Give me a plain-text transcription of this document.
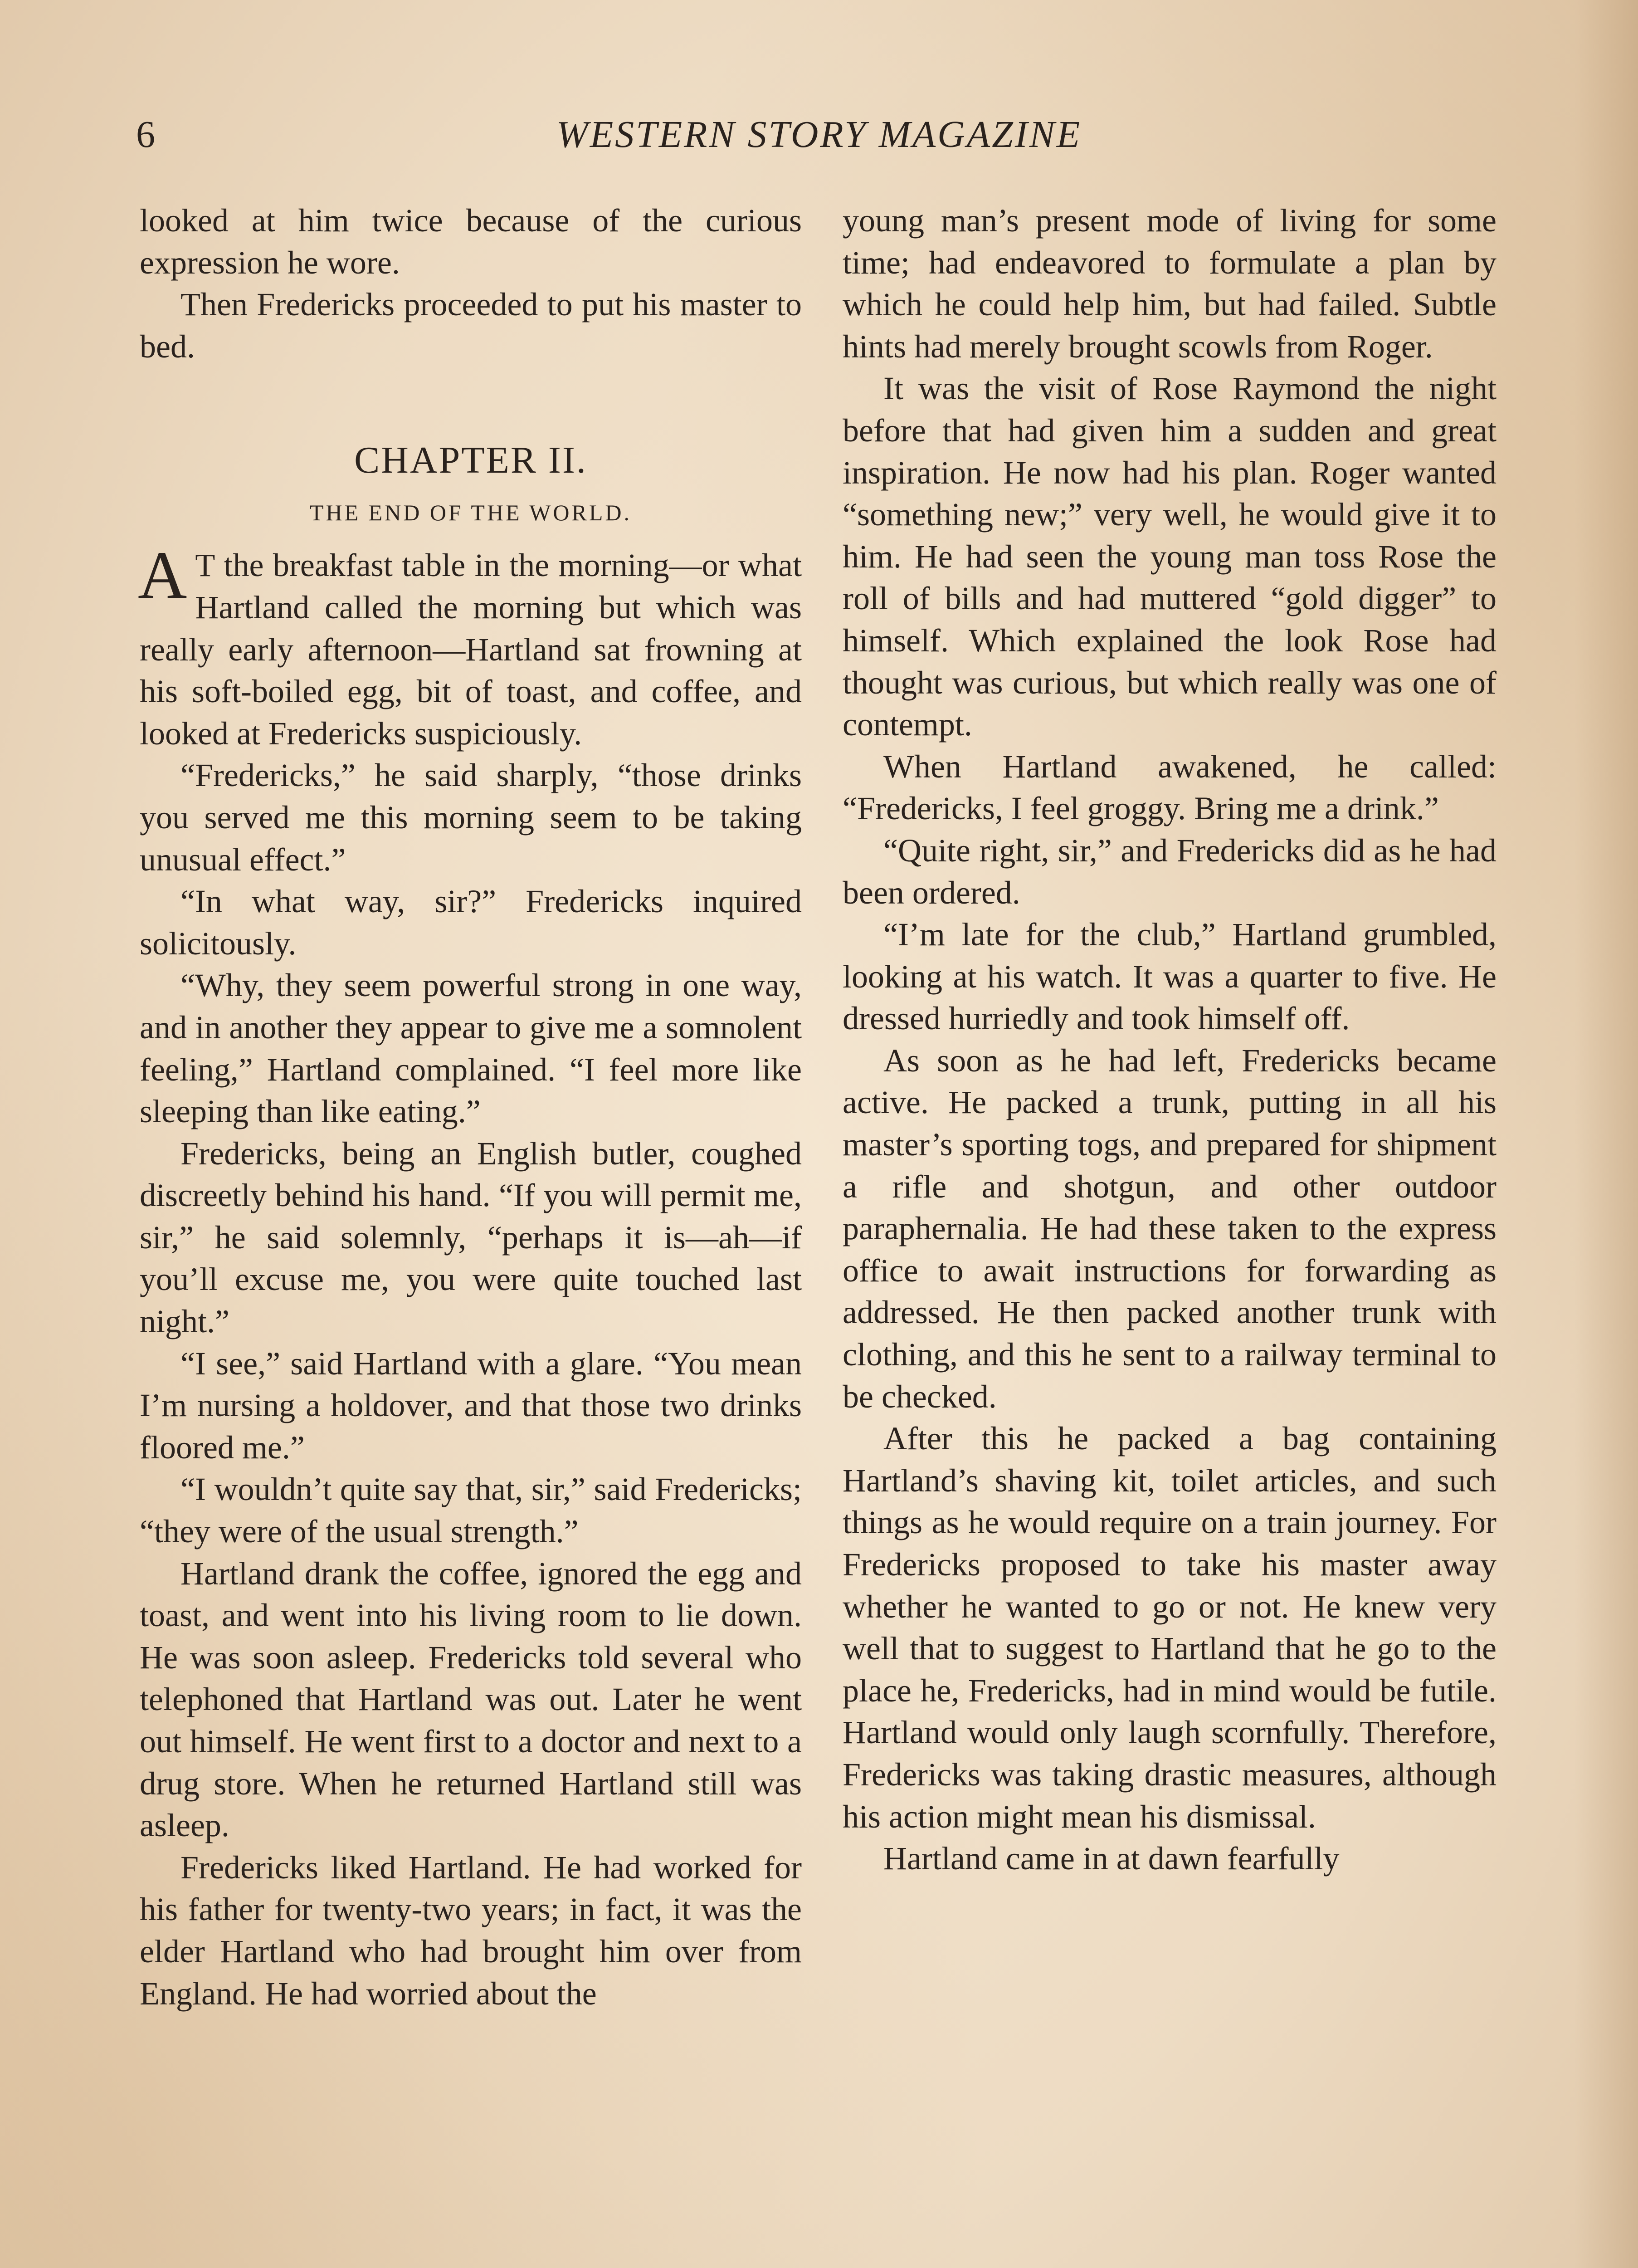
6	WESTERN STORY MAGAZINE

looked at him twice because of the curious expression he wore.

Then Fredericks proceeded to put his master to bed.

CHAPTER II.
THE END OF THE WORLD.

A T the breakfast table in the morning—or what Hartland called the morning but which was really early afternoon—Hartland sat frowning at his soft-boiled egg, bit of toast, and coffee, and looked at Fredericks suspiciously.

“Fredericks,” he said sharply, “those drinks you served me this morning seem to be taking unusual effect.”

“In what way, sir?” Fredericks inquired solicitously.

“Why, they seem powerful strong in one way, and in another they appear to give me a somnolent feeling,” Hartland complained. “I feel more like sleeping than like eating.”

Fredericks, being an English butler, coughed discreetly behind his hand. “If you will permit me, sir,” he said solemnly, “perhaps it is—ah—if you’ll excuse me, you were quite touched last night.”

“I see,” said Hartland with a glare. “You mean I’m nursing a holdover, and that those two drinks floored me.”

“I wouldn’t quite say that, sir,” said Fredericks; “they were of the usual strength.”

Hartland drank the coffee, ignored the egg and toast, and went into his living room to lie down. He was soon asleep. Fredericks told several who telephoned that Hartland was out. Later he went out himself. He went first to a doctor and next to a drug store. When he returned Hartland still was asleep.

Fredericks liked Hartland. He had worked for his father for twenty-two years; in fact, it was the elder Hartland who had brought him over from England. He had worried about the

young man’s present mode of living for some time; had endeavored to formulate a plan by which he could help him, but had failed. Subtle hints had merely brought scowls from Roger.

It was the visit of Rose Raymond the night before that had given him a sudden and great inspiration. He now had his plan. Roger wanted “something new;” very well, he would give it to him. He had seen the young man toss Rose the roll of bills and had muttered “gold digger” to himself. Which explained the look Rose had thought was curious, but which really was one of contempt.

When Hartland awakened, he called: “Fredericks, I feel groggy. Bring me a drink.”

“Quite right, sir,” and Fredericks did as he had been ordered.

“I’m late for the club,” Hartland grumbled, looking at his watch. It was a quarter to five. He dressed hurriedly and took himself off.

As soon as he had left, Fredericks became active. He packed a trunk, putting in all his master’s sporting togs, and prepared for shipment a rifle and shotgun, and other outdoor paraphernalia. He had these taken to the express office to await instructions for forwarding as addressed. He then packed another trunk with clothing, and this he sent to a railway terminal to be checked.

After this he packed a bag containing Hartland’s shaving kit, toilet articles, and such things as he would require on a train journey. For Fredericks proposed to take his master away whether he wanted to go or not. He knew very well that to suggest to Hartland that he go to the place he, Fredericks, had in mind would be futile. Hartland would only laugh scornfully. Therefore, Fredericks was taking drastic measures, although his action might mean his dismissal.

Hartland came in at dawn fearfully
